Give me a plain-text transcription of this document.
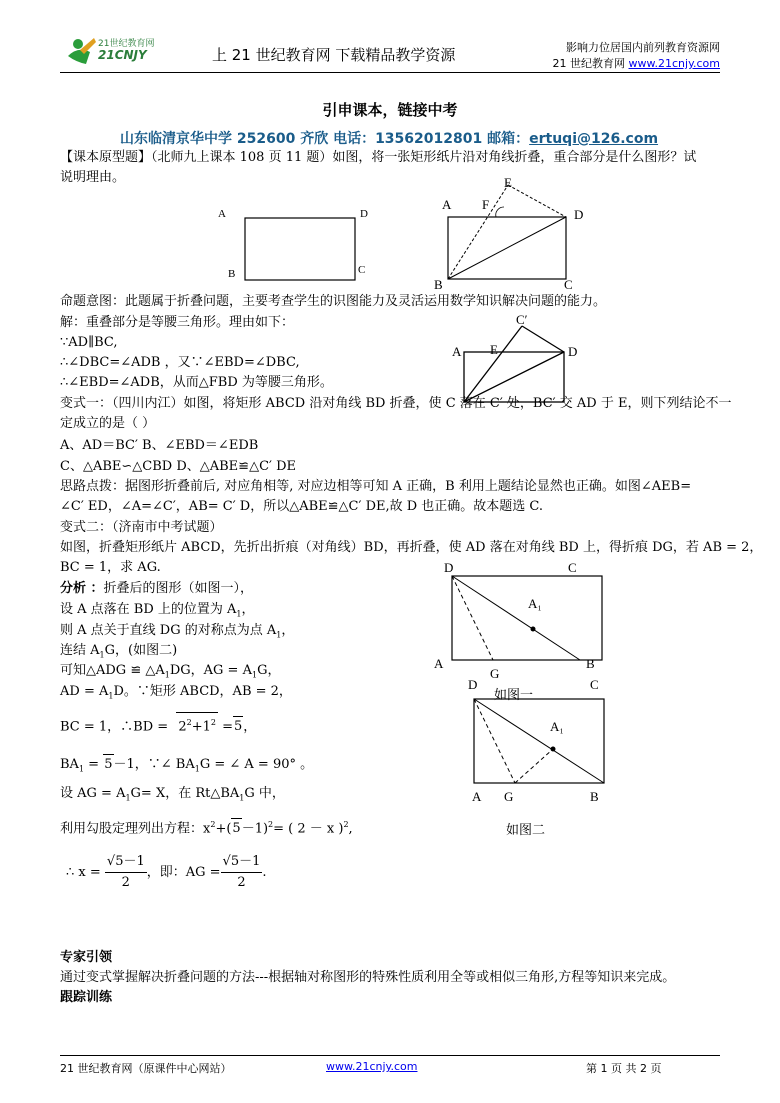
21世纪教育网
21CNJY	上 21 世纪教育网 下载精品教学资源	影响力位居国内前列教育资源网
21 世纪教育网 www.21cnjy.com
引申课本，链接中考
山东临清京华中学 252600 齐欣 电话：13562012801 邮箱：ertuqi@126.com
【课本原型题】（北师九上课本 108 页 11 题）如图，将一张矩形纸片沿对角线折叠，重合部分是什么图形？试
说明理由。
A	D
B	C
E
A F
D
B	C
命题意图：此题属于折叠问题，主要考查学生的识图能力及灵活运用数学知识解决问题的能力。
解：重叠部分是等腰三角形。理由如下：
∵AD∥BC,
∴∠DBC=∠ADB ，又∵∠EBD=∠DBC,
∴∠EBD=∠ADB，从而△FBD 为等腰三角形。
C′
A E	D
变式一：（四川内江）如图，将矩形 ABCD 沿对角线 BD 折叠，使 C 落在 C′ 处，BC′ 交 AD 于 E，则下列结论不一
定成立的是（ ）
A、AD＝BC′ B、∠EBD＝∠EDB
C、△ABE∽△CBD D、△ABE≌△C′ DE
思路点拨：据图形折叠前后, 对应角相等, 对应边相等可知 A 正确，B 利用上题结论显然也正确。如图∠AEB=
∠C′ ED，∠A=∠C′，AB= C′ D，所以△ABE≌△C′ DE,故 D 也正确。故本题选 C.
变式二：（济南市中考试题）
如图，折叠矩形纸片 ABCD，先折出折痕（对角线）BD，再折叠，使 AD 落在对角线 BD 上，得折痕 DG，若 AB = 2，
BC = 1，求 AG.
分析 ：折叠后的图形（如图一），
设 A 点落在 BD 上的位置为 $A_1$，
则 A 点关于直线 DG 的对称点为点 $A_1$，
连结 $A_1G$，(如图二)
可知△ADG ≌ $\triangle A_1DG$，AG = $A_1G$，
AD = $A_1D$。∵矩形 ABCD，AB = 2，
BC = 1，∴BD = $2^2+1^2 =5$，
$BA_1 = 5-1$，∵∠ $BA_1G$ = ∠ A = 90° 。
设 AG = $A_1G= X$，在 $Rt\triangle BA_1G$ 中，
利用勾股定理列出方程：$x^2+(5-1)^2=$ ( 2 － x )$^2$,
∴ $x = \frac{√5-1}{2}$ ，即：AG = $\frac{√5-1}{2}$ .
D	C
A₁
A
G
B
如图一
D	C
A₁
A G	B
如图二
专家引领
通过变式掌握解决折叠问题的方法---根据轴对称图形的特殊性质利用全等或相似三角形,方程等知识来完成。
跟踪训练
21 世纪教育网（原课件中心网站）	www.21cnjy.com	第 1 页 共 2 页
